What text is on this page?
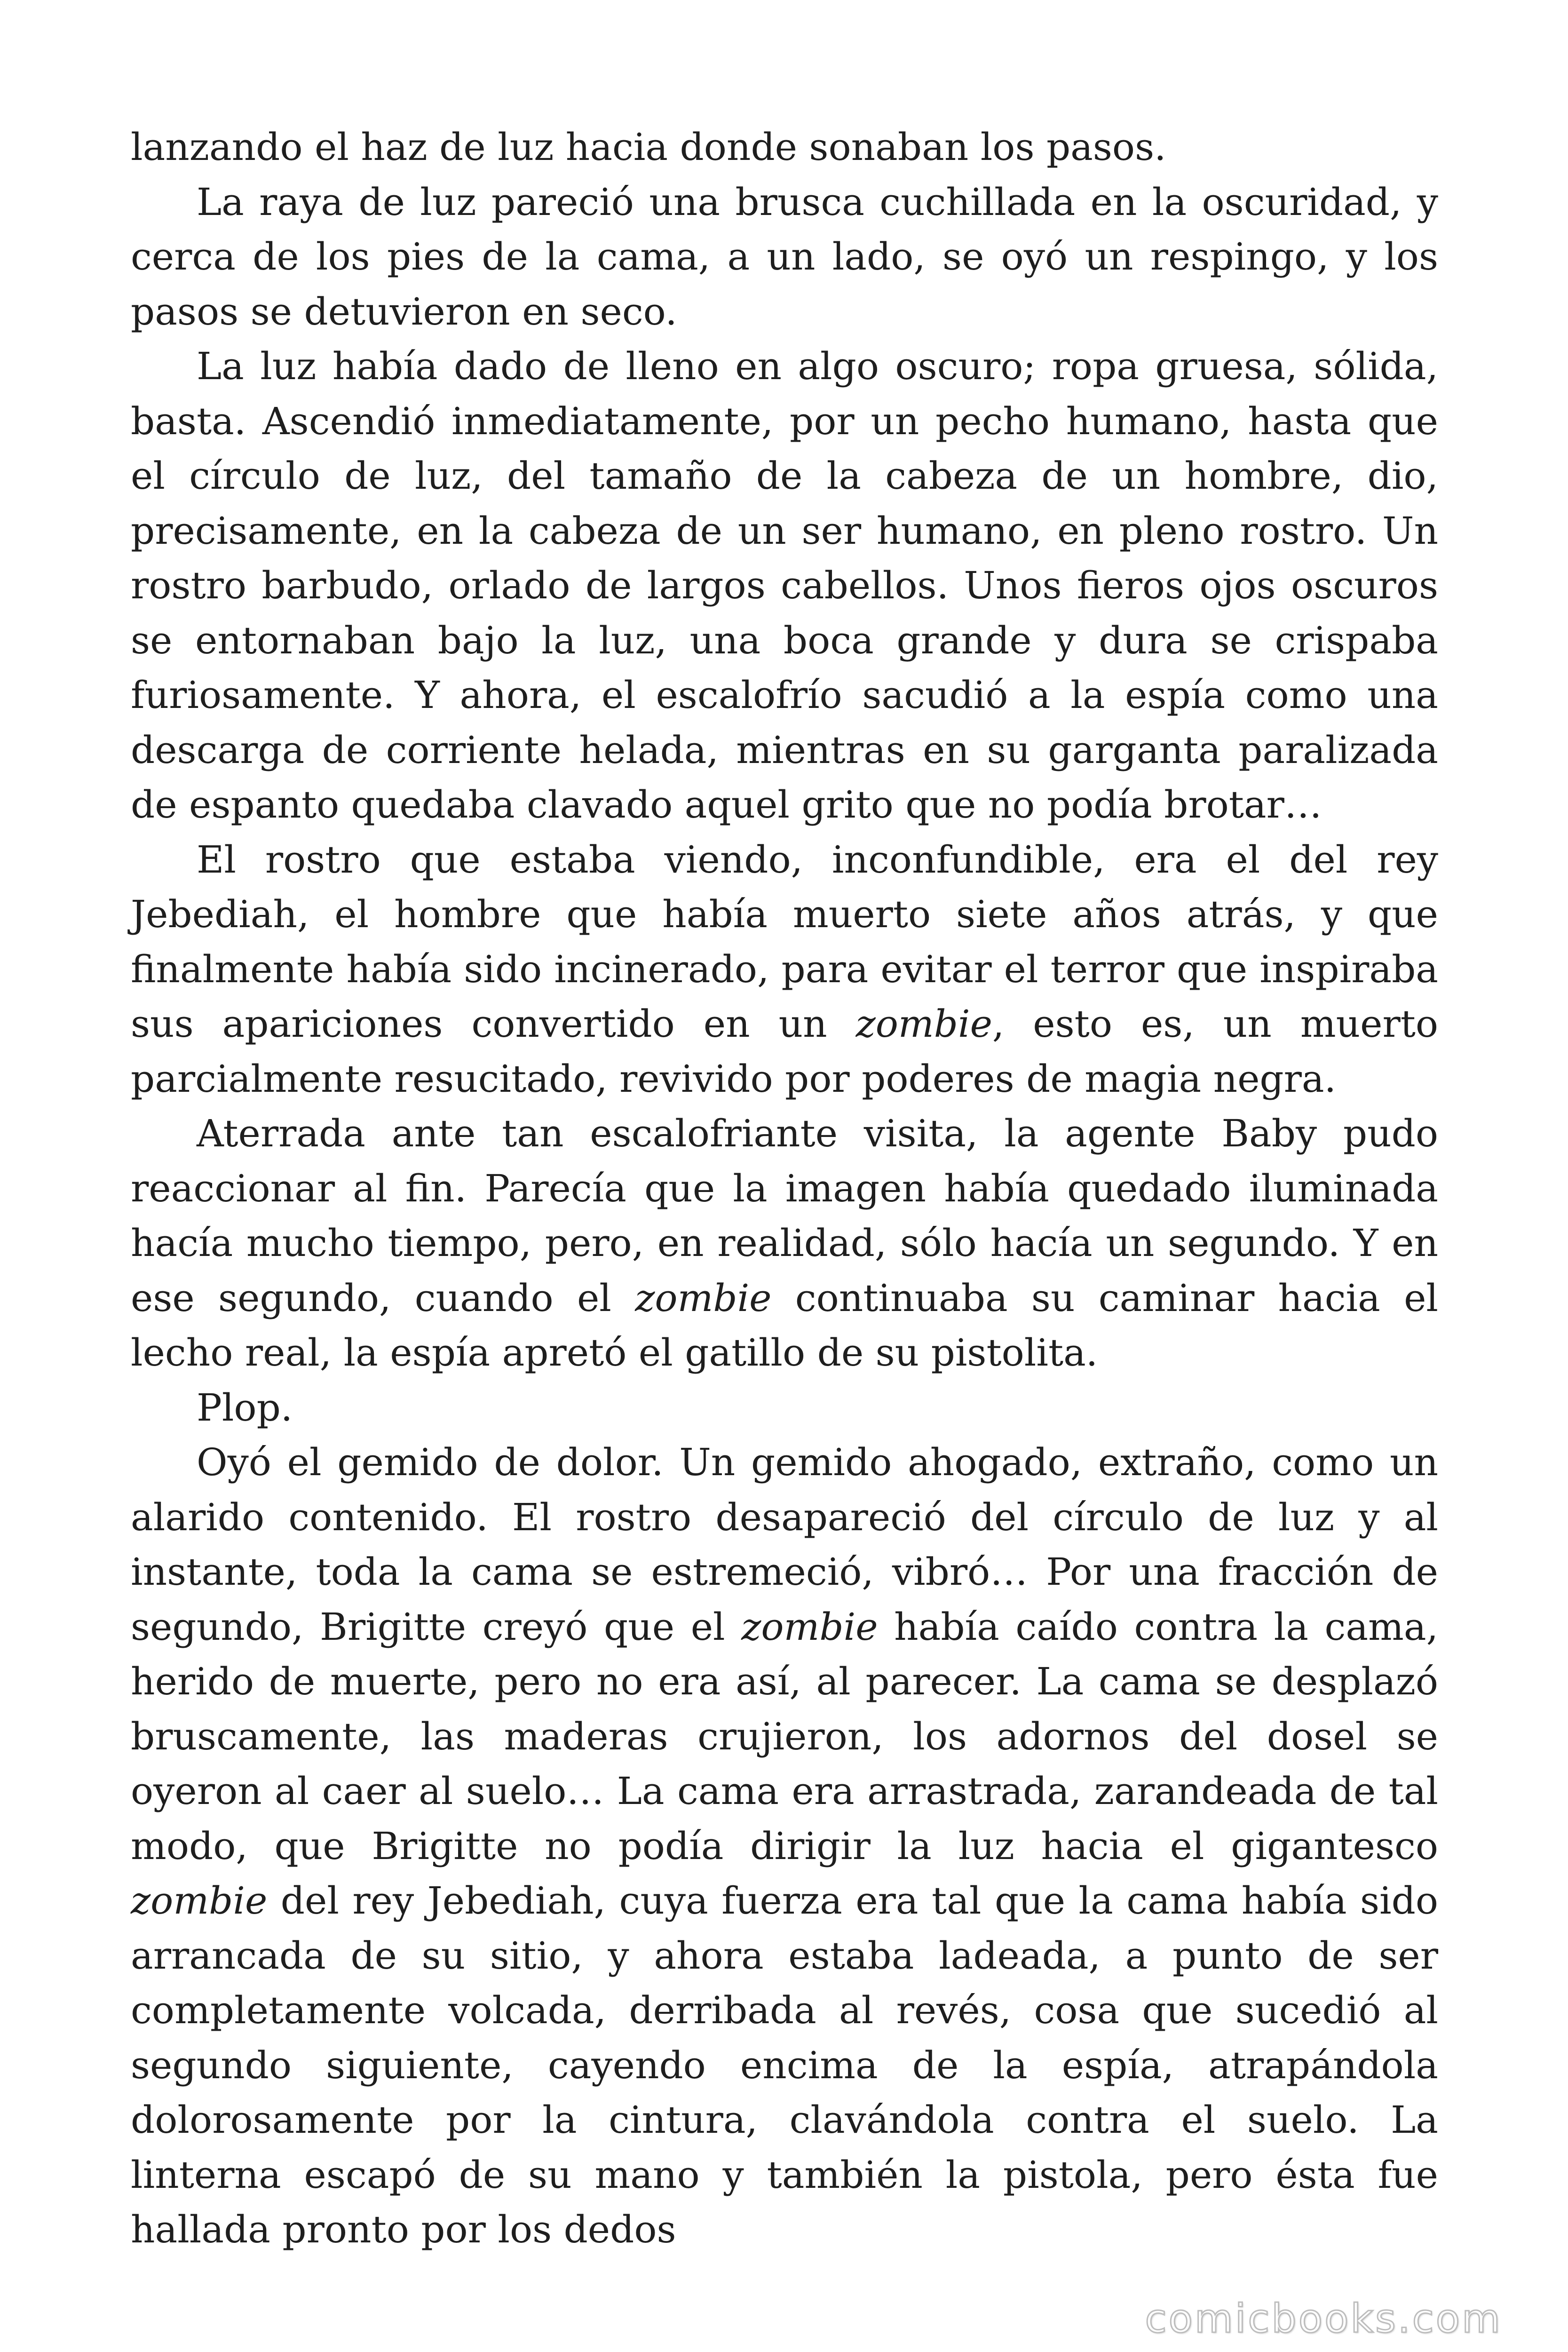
lanzando el haz de luz hacia donde sonaban los pasos.

La raya de luz pareció una brusca cuchillada en la oscuridad, y cerca de los pies de la cama, a un lado, se oyó un respingo, y los pasos se detuvieron en seco.

La luz había dado de lleno en algo oscuro; ropa gruesa, sólida, basta. Ascendió inmediatamente, por un pecho humano, hasta que el círculo de luz, del tamaño de la cabeza de un hombre, dio, precisamente, en la cabeza de un ser humano, en pleno rostro. Un rostro barbudo, orlado de largos cabellos. Unos fieros ojos oscuros se entornaban bajo la luz, una boca grande y dura se crispaba furiosamente. Y ahora, el escalofrío sacudió a la espía como una descarga de corriente helada, mientras en su garganta paralizada de espanto quedaba clavado aquel grito que no podía brotar…

El rostro que estaba viendo, inconfundible, era el del rey Jebediah, el hombre que había muerto siete años atrás, y que finalmente había sido incinerado, para evitar el terror que inspiraba sus apariciones convertido en un zombie, esto es, un muerto parcialmente resucitado, revivido por poderes de magia negra.

Aterrada ante tan escalofriante visita, la agente Baby pudo reaccionar al fin. Parecía que la imagen había quedado iluminada hacía mucho tiempo, pero, en realidad, sólo hacía un segundo. Y en ese segundo, cuando el zombie continuaba su caminar hacia el lecho real, la espía apretó el gatillo de su pistolita.

Plop.

Oyó el gemido de dolor. Un gemido ahogado, extraño, como un alarido contenido. El rostro desapareció del círculo de luz y al instante, toda la cama se estremeció, vibró… Por una fracción de segundo, Brigitte creyó que el zombie había caído contra la cama, herido de muerte, pero no era así, al parecer. La cama se desplazó bruscamente, las maderas crujieron, los adornos del dosel se oyeron al caer al suelo… La cama era arrastrada, zarandeada de tal modo, que Brigitte no podía dirigir la luz hacia el gigantesco zombie del rey Jebediah, cuya fuerza era tal que la cama había sido arrancada de su sitio, y ahora estaba ladeada, a punto de ser completamente volcada, derribada al revés, cosa que sucedió al segundo siguiente, cayendo encima de la espía, atrapándola dolorosamente por la cintura, clavándola contra el suelo. La linterna escapó de su mano y también la pistola, pero ésta fue hallada pronto por los dedos

comicbooks.com
